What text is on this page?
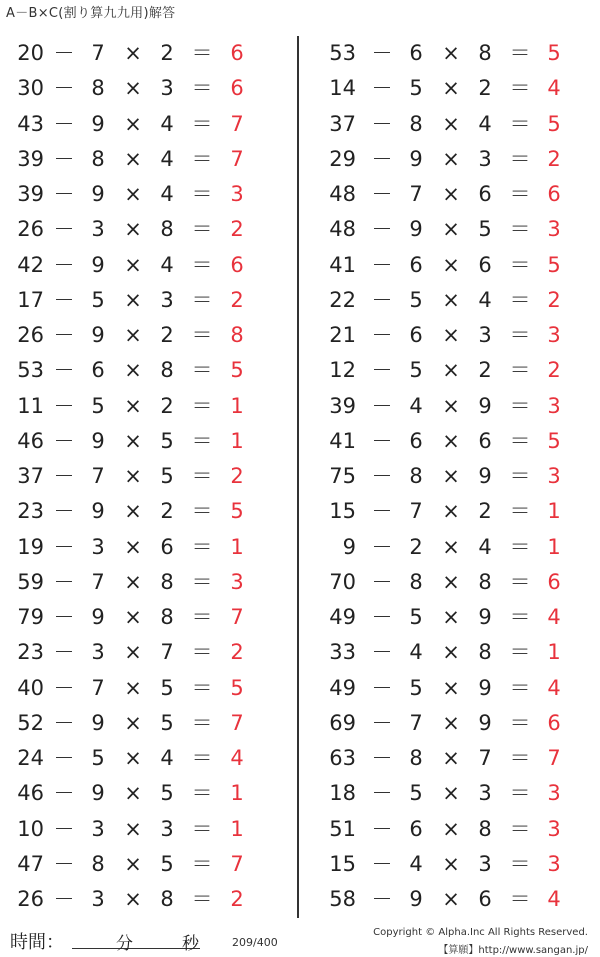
A－B×C(割り算九九用)解答
20 － 7 × 2 ＝ 6
30 － 8 × 3 ＝ 6
43 － 9 × 4 ＝ 7
39 － 8 × 4 ＝ 7
39 － 9 × 4 ＝ 3
26 － 3 × 8 ＝ 2
42 － 9 × 4 ＝ 6
17 － 5 × 3 ＝ 2
26 － 9 × 2 ＝ 8
53 － 6 × 8 ＝ 5
11 － 5 × 2 ＝ 1
46 － 9 × 5 ＝ 1
37 － 7 × 5 ＝ 2
23 － 9 × 2 ＝ 5
19 － 3 × 6 ＝ 1
59 － 7 × 8 ＝ 3
79 － 9 × 8 ＝ 7
23 － 3 × 7 ＝ 2
40 － 7 × 5 ＝ 5
52 － 9 × 5 ＝ 7
24 － 5 × 4 ＝ 4
46 － 9 × 5 ＝ 1
10 － 3 × 3 ＝ 1
47 － 8 × 5 ＝ 7
26 － 3 × 8 ＝ 2
53 － 6 × 8 ＝ 5
14 － 5 × 2 ＝ 4
37 － 8 × 4 ＝ 5
29 － 9 × 3 ＝ 2
48 － 7 × 6 ＝ 6
48 － 9 × 5 ＝ 3
41 － 6 × 6 ＝ 5
22 － 5 × 4 ＝ 2
21 － 6 × 3 ＝ 3
12 － 5 × 2 ＝ 2
39 － 4 × 9 ＝ 3
41 － 6 × 6 ＝ 5
75 － 8 × 9 ＝ 3
15 － 7 × 2 ＝ 1
9 － 2 × 4 ＝ 1
70 － 8 × 8 ＝ 6
49 － 5 × 9 ＝ 4
33 － 4 × 8 ＝ 1
49 － 5 × 9 ＝ 4
69 － 7 × 9 ＝ 6
63 － 8 × 7 ＝ 7
18 － 5 × 3 ＝ 3
51 － 6 × 8 ＝ 3
15 － 4 × 3 ＝ 3
58 － 9 × 6 ＝ 4
時間：	分	秒	209/400
Copyright © Alpha.Inc All Rights Reserved.
【算願】http://www.sangan.jp/
